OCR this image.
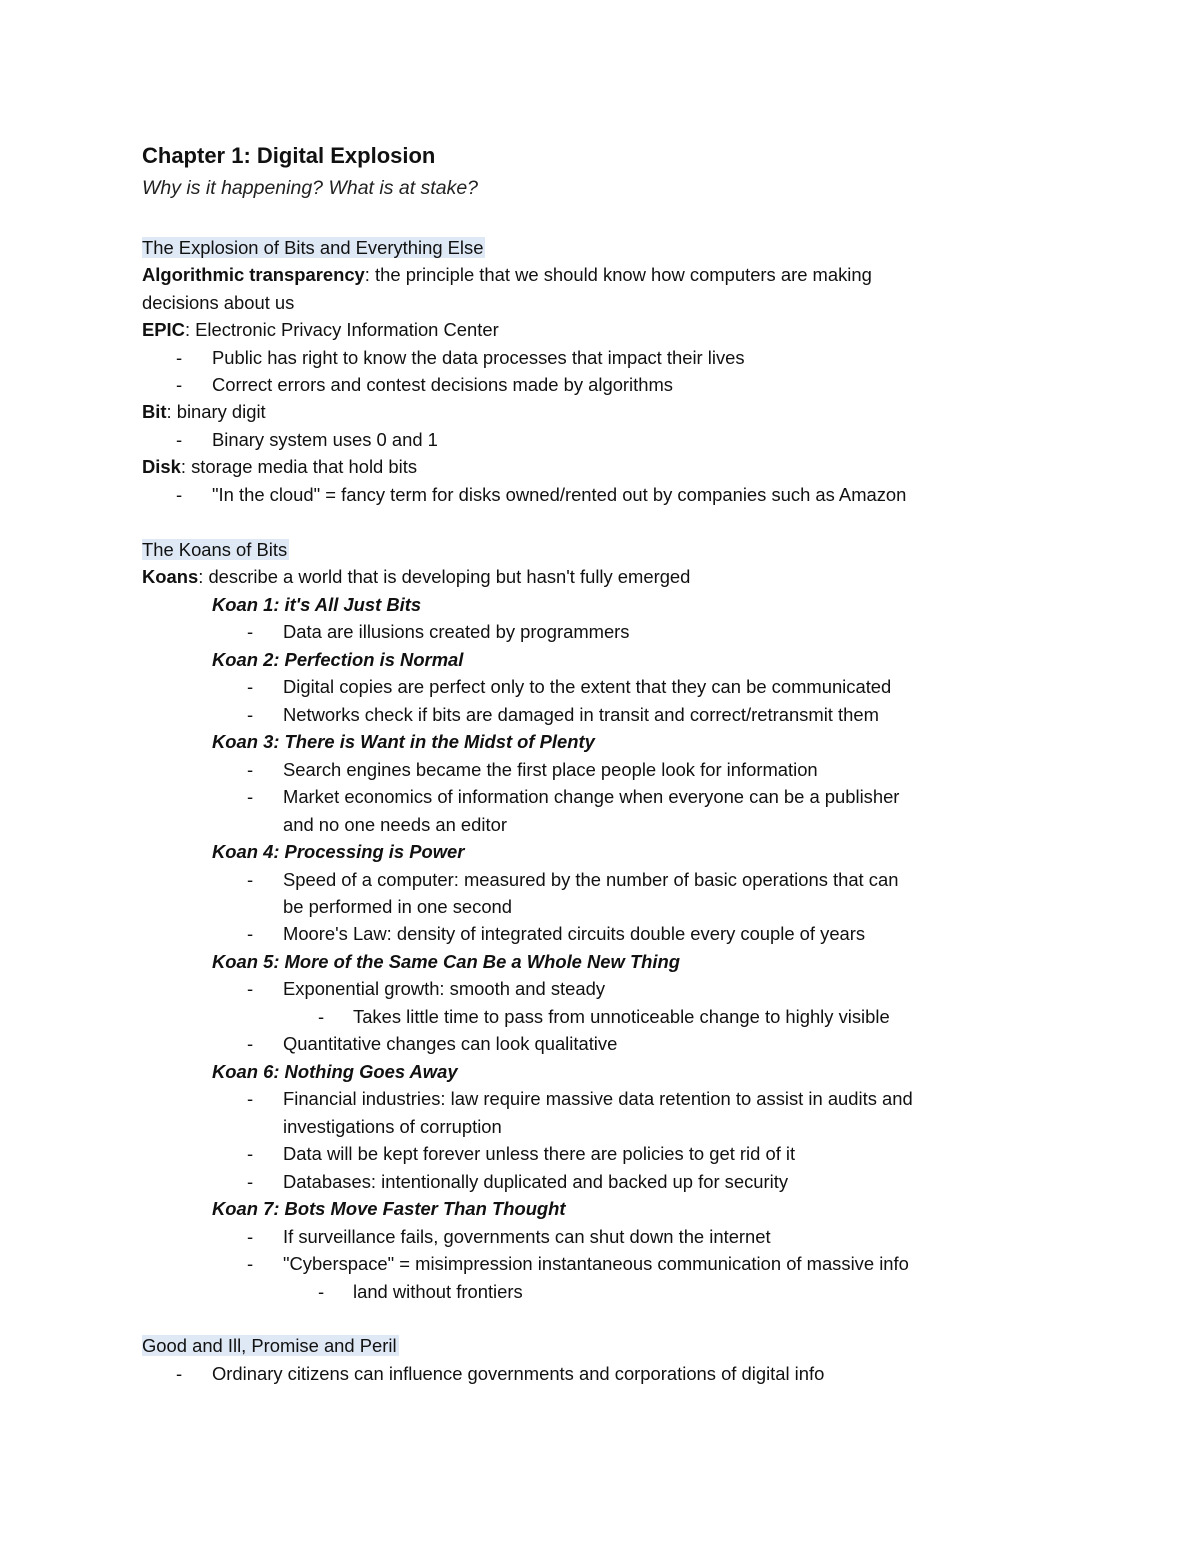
Chapter 1: Digital Explosion
Why is it happening? What is at stake?
The Explosion of Bits and Everything Else
Algorithmic transparency: the principle that we should know how computers are making
decisions about us
EPIC: Electronic Privacy Information Center
- Public has right to know the data processes that impact their lives
- Correct errors and contest decisions made by algorithms
Bit: binary digit
- Binary system uses 0 and 1
Disk: storage media that hold bits
- "In the cloud" = fancy term for disks owned/rented out by companies such as Amazon
The Koans of Bits
Koans: describe a world that is developing but hasn't fully emerged
Koan 1: it's All Just Bits
- Data are illusions created by programmers
Koan 2: Perfection is Normal
- Digital copies are perfect only to the extent that they can be communicated
- Networks check if bits are damaged in transit and correct/retransmit them
Koan 3: There is Want in the Midst of Plenty
- Search engines became the first place people look for information
- Market economics of information change when everyone can be a publisher
and no one needs an editor
Koan 4: Processing is Power
- Speed of a computer: measured by the number of basic operations that can
be performed in one second
- Moore's Law: density of integrated circuits double every couple of years
Koan 5: More of the Same Can Be a Whole New Thing
- Exponential growth: smooth and steady
- Takes little time to pass from unnoticeable change to highly visible
- Quantitative changes can look qualitative
Koan 6: Nothing Goes Away
- Financial industries: law require massive data retention to assist in audits and
investigations of corruption
- Data will be kept forever unless there are policies to get rid of it
- Databases: intentionally duplicated and backed up for security
Koan 7: Bots Move Faster Than Thought
- If surveillance fails, governments can shut down the internet
- "Cyberspace" = misimpression instantaneous communication of massive info
- land without frontiers
Good and Ill, Promise and Peril
- Ordinary citizens can influence governments and corporations of digital info
